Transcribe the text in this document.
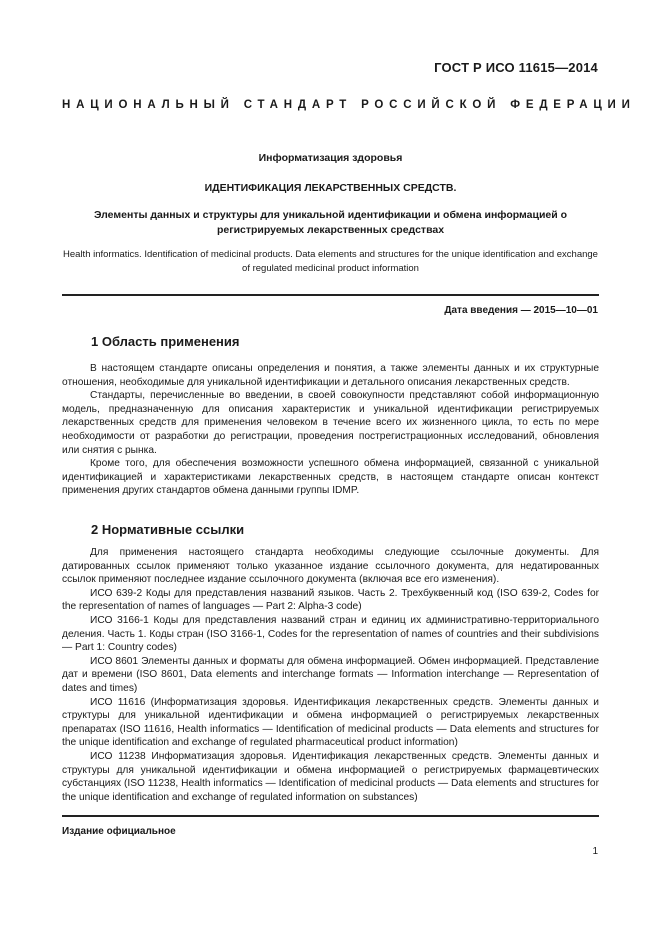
ГОСТ Р ИСО 11615—2014
НАЦИОНАЛЬНЫЙ СТАНДАРТ РОССИЙСКОЙ ФЕДЕРАЦИИ
Информатизация здоровья
ИДЕНТИФИКАЦИЯ ЛЕКАРСТВЕННЫХ СРЕДСТВ.
Элементы данных и структуры для уникальной идентификации и обмена информацией о регистрируемых лекарственных средствах
Health informatics. Identification of medicinal products. Data elements and structures for the unique identification and exchange of regulated medicinal product information
Дата введения — 2015—10—01
1 Область применения

В настоящем стандарте описаны определения и понятия, а также элементы данных и их структурные отношения, необходимые для уникальной идентификации и детального описания лекарственных средств.

Стандарты, перечисленные во введении, в своей совокупности представляют собой информационную модель, предназначенную для описания характеристик и уникальной идентификации регистрируемых лекарственных средств для применения человеком в течение всего их жизненного цикла, то есть по мере необходимости от разработки до регистрации, проведения пострегистрационных исследований, обновления или снятия с рынка.

Кроме того, для обеспечения возможности успешного обмена информацией, связанной с уникальной идентификацией и характеристиками лекарственных средств, в настоящем стандарте описан контекст применения других стандартов обмена данными группы IDMP.

2 Нормативные ссылки

Для применения настоящего стандарта необходимы следующие ссылочные документы. Для датированных ссылок применяют только указанное издание ссылочного документа, для недатированных ссылок применяют последнее издание ссылочного документа (включая все его изменения).

ИСО 639-2 Коды для представления названий языков. Часть 2. Трехбуквенный код (ISO 639-2, Codes for the representation of names of languages — Part 2: Alpha-3 code)

ИСО 3166-1 Коды для представления названий стран и единиц их административно-территориального деления. Часть 1. Коды стран (ISO 3166-1, Codes for the representation of names of countries and their subdivisions — Part 1: Country codes)

ИСО 8601 Элементы данных и форматы для обмена информацией. Обмен информацией. Представление дат и времени (ISO 8601, Data elements and interchange formats — Information interchange — Representation of dates and times)

ИСО 11616 (Информатизация здоровья. Идентификация лекарственных средств. Элементы данных и структуры для уникальной идентификации и обмена информацией о регистрируемых лекарственных препаратах (ISO 11616, Health informatics — Identification of medicinal products — Data elements and structures for the unique identification and exchange of regulated pharmaceutical product information)

ИСО 11238 Информатизация здоровья. Идентификация лекарственных средств. Элементы данных и структуры для уникальной идентификации и обмена информацией о регистрируемых фармацевтических субстанциях (ISO 11238, Health informatics — Identification of medicinal products — Data elements and structures for the unique identification and exchange of regulated information on substances)

Издание официальное
1
